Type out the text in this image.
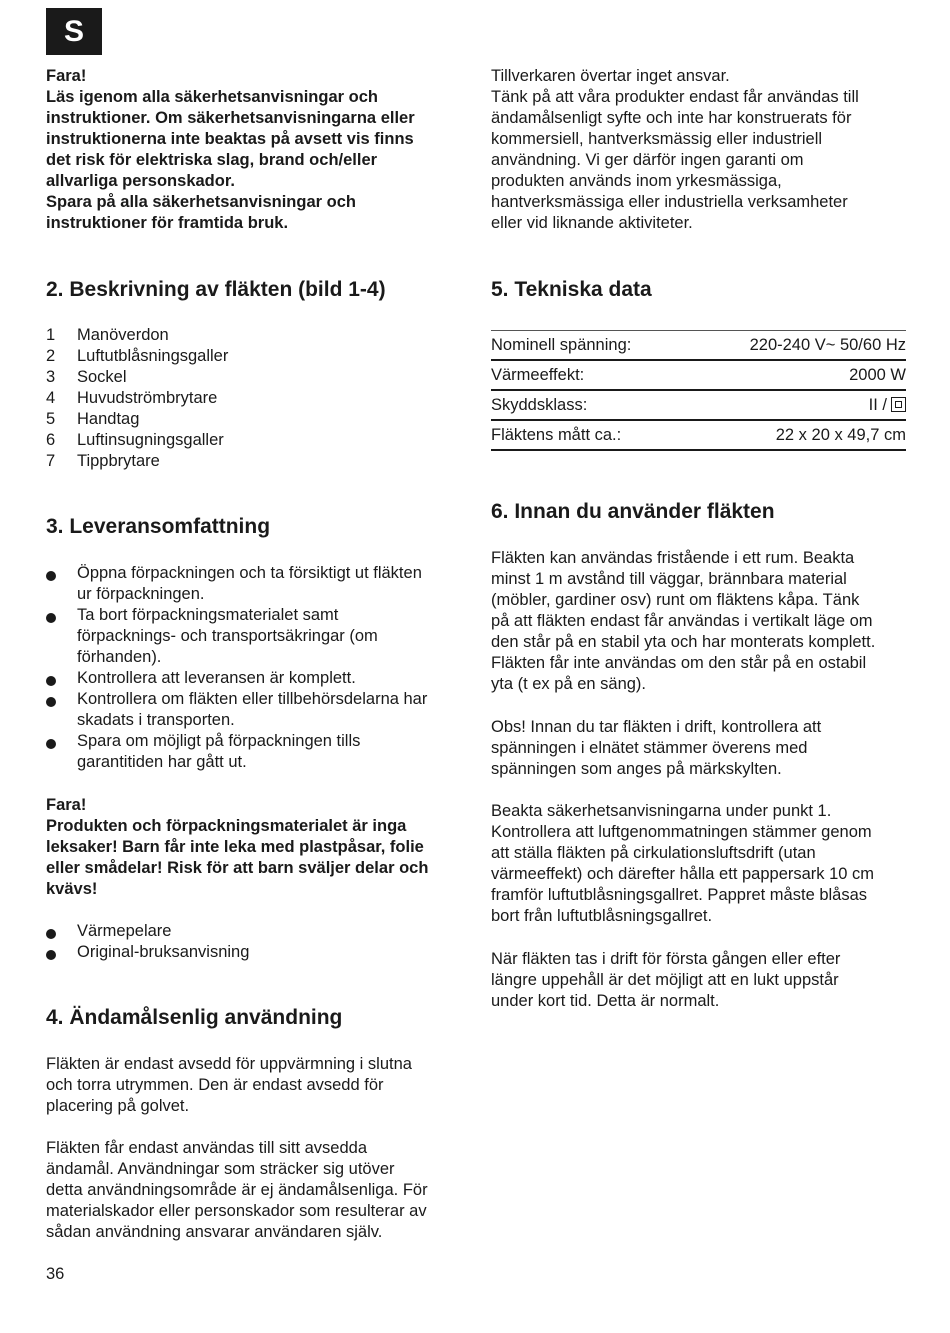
S
Fara!
Läs igenom alla säkerhetsanvisningar och
instruktioner. Om säkerhetsanvisningarna eller
instruktionerna inte beaktas på avsett vis finns
det risk för elektriska slag, brand och/eller
allvarliga personskador.
Spara på alla säkerhetsanvisningar och
instruktioner för framtida bruk.
2. Beskrivning av fläkten (bild 1-4)
1 Manöverdon
2 Luftutblåsningsgaller
3 Sockel
4 Huvudströmbrytare
5 Handtag
6 Luftinsugningsgaller
7 Tippbrytare
3. Leveransomfattning
Öppna förpackningen och ta försiktigt ut fläkten
ur förpackningen.
Ta bort förpackningsmaterialet samt
förpacknings- och transportsäkringar (om
förhanden).
Kontrollera att leveransen är komplett.
Kontrollera om fläkten eller tillbehörsdelarna har
skadats i transporten.
Spara om möjligt på förpackningen tills
garantitiden har gått ut.
Fara!
Produkten och förpackningsmaterialet är inga
leksaker! Barn får inte leka med plastpåsar, folie
eller smådelar! Risk för att barn sväljer delar och
kvävs!
Värmepelare
Original-bruksanvisning
4. Ändamålsenlig användning
Fläkten är endast avsedd för uppvärmning i slutna
och torra utrymmen. Den är endast avsedd för
placering på golvet.
Fläkten får endast användas till sitt avsedda
ändamål. Användningar som sträcker sig utöver
detta användningsområde är ej ändamålsenliga. För
materialskador eller personskador som resulterar av
sådan användning ansvarar användaren själv.
36
Tillverkaren övertar inget ansvar.
Tänk på att våra produkter endast får användas till
ändamålsenligt syfte och inte har konstruerats för
kommersiell, hantverksmässig eller industriell
användning. Vi ger därför ingen garanti om
produkten används inom yrkesmässiga,
hantverksmässiga eller industriella verksamheter
eller vid liknande aktiviteter.
5. Tekniska data
Nominell spänning:	220-240 V~ 50/60 Hz
Värmeeffekt:	2000 W
Skyddsklass:	II /
Fläktens mått ca.:	22 x 20 x 49,7 cm
6. Innan du använder fläkten
Fläkten kan användas fristående i ett rum. Beakta
minst 1 m avstånd till väggar, brännbara material
(möbler, gardiner osv) runt om fläktens kåpa. Tänk
på att fläkten endast får användas i vertikalt läge om
den står på en stabil yta och har monterats komplett.
Fläkten får inte användas om den står på en ostabil
yta (t ex på en säng).
Obs! Innan du tar fläkten i drift, kontrollera att
spänningen i elnätet stämmer överens med
spänningen som anges på märkskylten.
Beakta säkerhetsanvisningarna under punkt 1.
Kontrollera att luftgenommatningen stämmer genom
att ställa fläkten på cirkulationsluftsdrift (utan
värmeeffekt) och därefter hålla ett pappersark 10 cm
framför luftutblåsningsgallret. Pappret måste blåsas
bort från luftutblåsningsgallret.
När fläkten tas i drift för första gången eller efter
längre uppehåll är det möjligt att en lukt uppstår
under kort tid. Detta är normalt.
